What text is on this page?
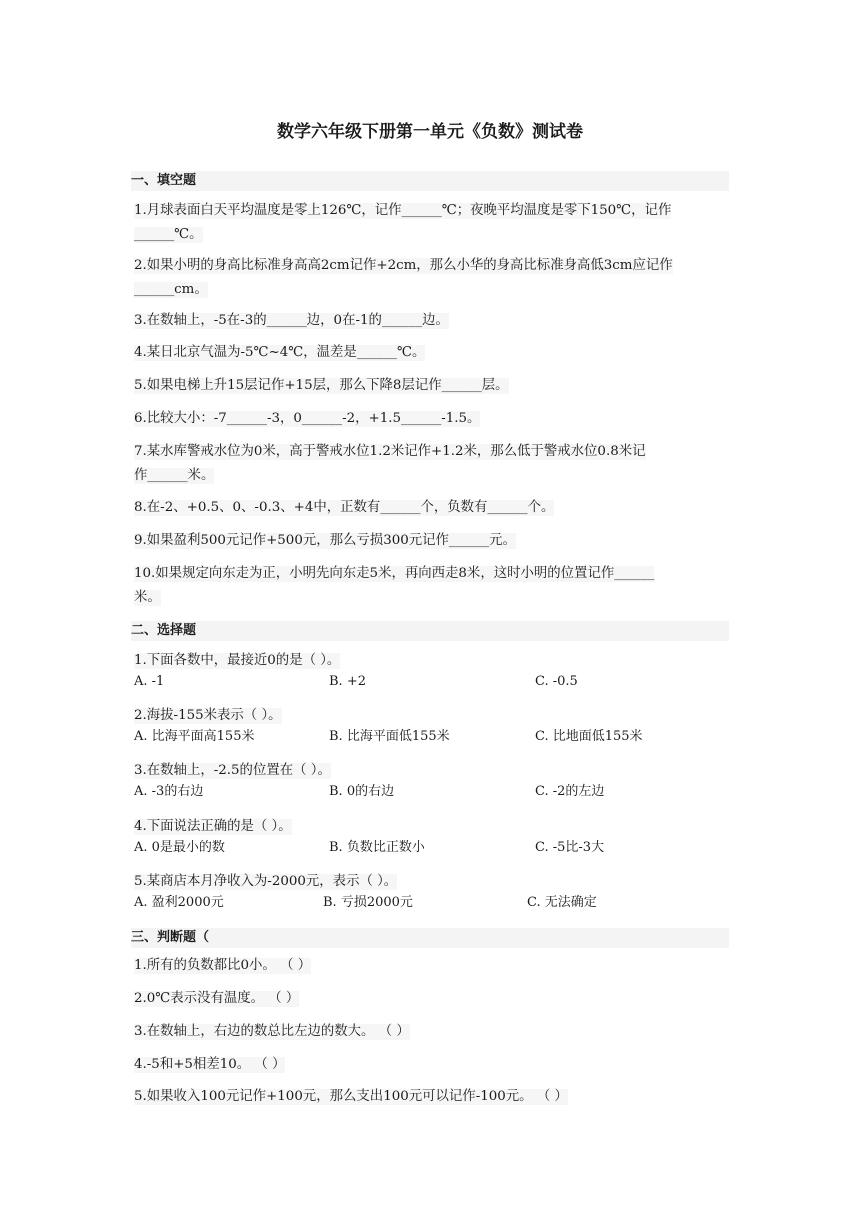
数学六年级下册第一单元《负数》测试卷
一、填空题
1.月球表面白天平均温度是零上126℃，记作______℃；夜晚平均温度是零下150℃，记作
______℃。
2.如果小明的身高比标准身高高2cm记作+2cm，那么小华的身高比标准身高低3cm应记作
______cm。
3.在数轴上，-5在-3的______边，0在-1的______边。
4.某日北京气温为-5℃~4℃，温差是______℃。
5.如果电梯上升15层记作+15层，那么下降8层记作______层。
6.比较大小：-7______-3，0______-2，+1.5______-1.5。
7.某水库警戒水位为0米，高于警戒水位1.2米记作+1.2米，那么低于警戒水位0.8米记
作______米。
8.在-2、+0.5、0、-0.3、+4中，正数有______个，负数有______个。
9.如果盈利500元记作+500元，那么亏损300元记作______元。
10.如果规定向东走为正，小明先向东走5米，再向西走8米，这时小明的位置记作______
米。
二、选择题
1.下面各数中，最接近0的是（ ）。
A. -1	B. +2	C. -0.5
2.海拔-155米表示（ ）。
A. 比海平面高155米	B. 比海平面低155米	C. 比地面低155米
3.在数轴上，-2.5的位置在（ ）。
A. -3的右边	B. 0的右边	C. -2的左边
4.下面说法正确的是（ ）。
A. 0是最小的数	B. 负数比正数小	C. -5比-3大
5.某商店本月净收入为-2000元，表示（ ）。
A. 盈利2000元	B. 亏损2000元	C. 无法确定
三、判断题（
1.所有的负数都比0小。 （ ）
2.0℃表示没有温度。 （ ）
3.在数轴上，右边的数总比左边的数大。 （ ）
4.-5和+5相差10。 （ ）
5.如果收入100元记作+100元，那么支出100元可以记作-100元。 （ ）
